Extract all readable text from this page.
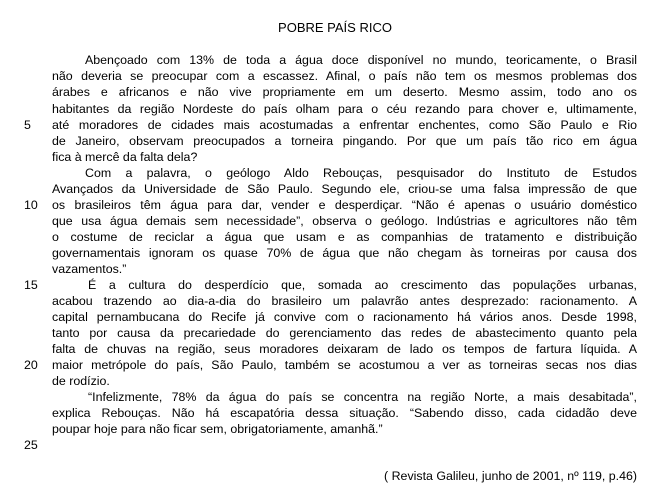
POBRE PAÍS RICO
5
10
15
20
25
Abençoado com 13% de toda a água doce disponível no mundo, teoricamente, o Brasil
não deveria se preocupar com a escassez. Afinal, o país não tem os mesmos problemas dos
árabes e africanos e não vive propriamente em um deserto. Mesmo assim, todo ano os
habitantes da região Nordeste do país olham para o céu rezando para chover e, ultimamente,
até moradores de cidades mais acostumadas a enfrentar enchentes, como São Paulo e Rio
de Janeiro, observam preocupados a torneira pingando. Por que um país tão rico em água
fica à mercê da falta dela?
Com a palavra, o geólogo Aldo Rebouças, pesquisador do Instituto de Estudos
Avançados da Universidade de São Paulo. Segundo ele, criou-se uma falsa impressão de que
os brasileiros têm água para dar, vender e desperdiçar. “Não é apenas o usuário doméstico
que usa água demais sem necessidade”, observa o geólogo. Indústrias e agricultores não têm
o costume de reciclar a água que usam e as companhias de tratamento e distribuição
governamentais ignoram os quase 70% de água que não chegam às torneiras por causa dos
vazamentos.”
É a cultura do desperdício que, somada ao crescimento das populações urbanas,
acabou trazendo ao dia-a-dia do brasileiro um palavrão antes desprezado: racionamento. A
capital pernambucana do Recife já convive com o racionamento há vários anos. Desde 1998,
tanto por causa da precariedade do gerenciamento das redes de abastecimento quanto pela
falta de chuvas na região, seus moradores deixaram de lado os tempos de fartura líquida. A
maior metrópole do país, São Paulo, também se acostumou a ver as torneiras secas nos dias
de rodízio.
“Infelizmente, 78% da água do país se concentra na região Norte, a mais desabitada”,
explica Rebouças. Não há escapatória dessa situação. “Sabendo disso, cada cidadão deve
poupar hoje para não ficar sem, obrigatoriamente, amanhã.”
( Revista Galileu, junho de 2001, nº 119, p.46)
